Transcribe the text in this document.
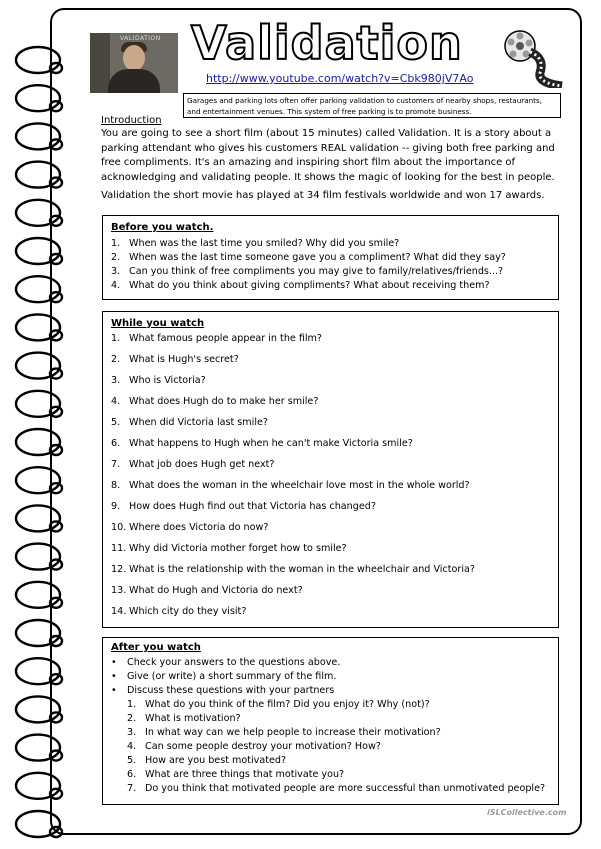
VALIDATION Validation
http://www.youtube.com/watch?v=Cbk980jV7Ao
Garages and parking lots often offer parking validation to customers of nearby shops, restaurants, and entertainment venues. This system of free parking is to promote business.
Introduction
You are going to see a short film (about 15 minutes) called Validation. It is a story about a parking attendant who gives his customers REAL validation -- giving both free parking and free compliments. It's an amazing and inspiring short film about the importance of acknowledging and validating people. It shows the magic of looking for the best in people.
Validation the short movie has played at 34 film festivals worldwide and won 17 awards.
Before you watch.
1. When was the last time you smiled? Why did you smile?
2. When was the last time someone gave you a compliment? What did they say?
3. Can you think of free compliments you may give to family/relatives/friends...?
4. What do you think about giving compliments? What about receiving them?
While you watch
1. What famous people appear in the film?
2. What is Hugh's secret?
3. Who is Victoria?
4. What does Hugh do to make her smile?
5. When did Victoria last smile?
6. What happens to Hugh when he can't make Victoria smile?
7. What job does Hugh get next?
8. What does the woman in the wheelchair love most in the whole world?
9. How does Hugh find out that Victoria has changed?
10. Where does Victoria do now?
11. Why did Victoria mother forget how to smile?
12. What is the relationship with the woman in the wheelchair and Victoria?
13. What do Hugh and Victoria do next?
14. Which city do they visit?
After you watch
• Check your answers to the questions above.
• Give (or write) a short summary of the film.
• Discuss these questions with your partners
1. What do you think of the film? Did you enjoy it? Why (not)?
2. What is motivation?
3. In what way can we help people to increase their motivation?
4. Can some people destroy your motivation? How?
5. How are you best motivated?
6. What are three things that motivate you?
7. Do you think that motivated people are more successful than unmotivated people?
iSLCollective.com
